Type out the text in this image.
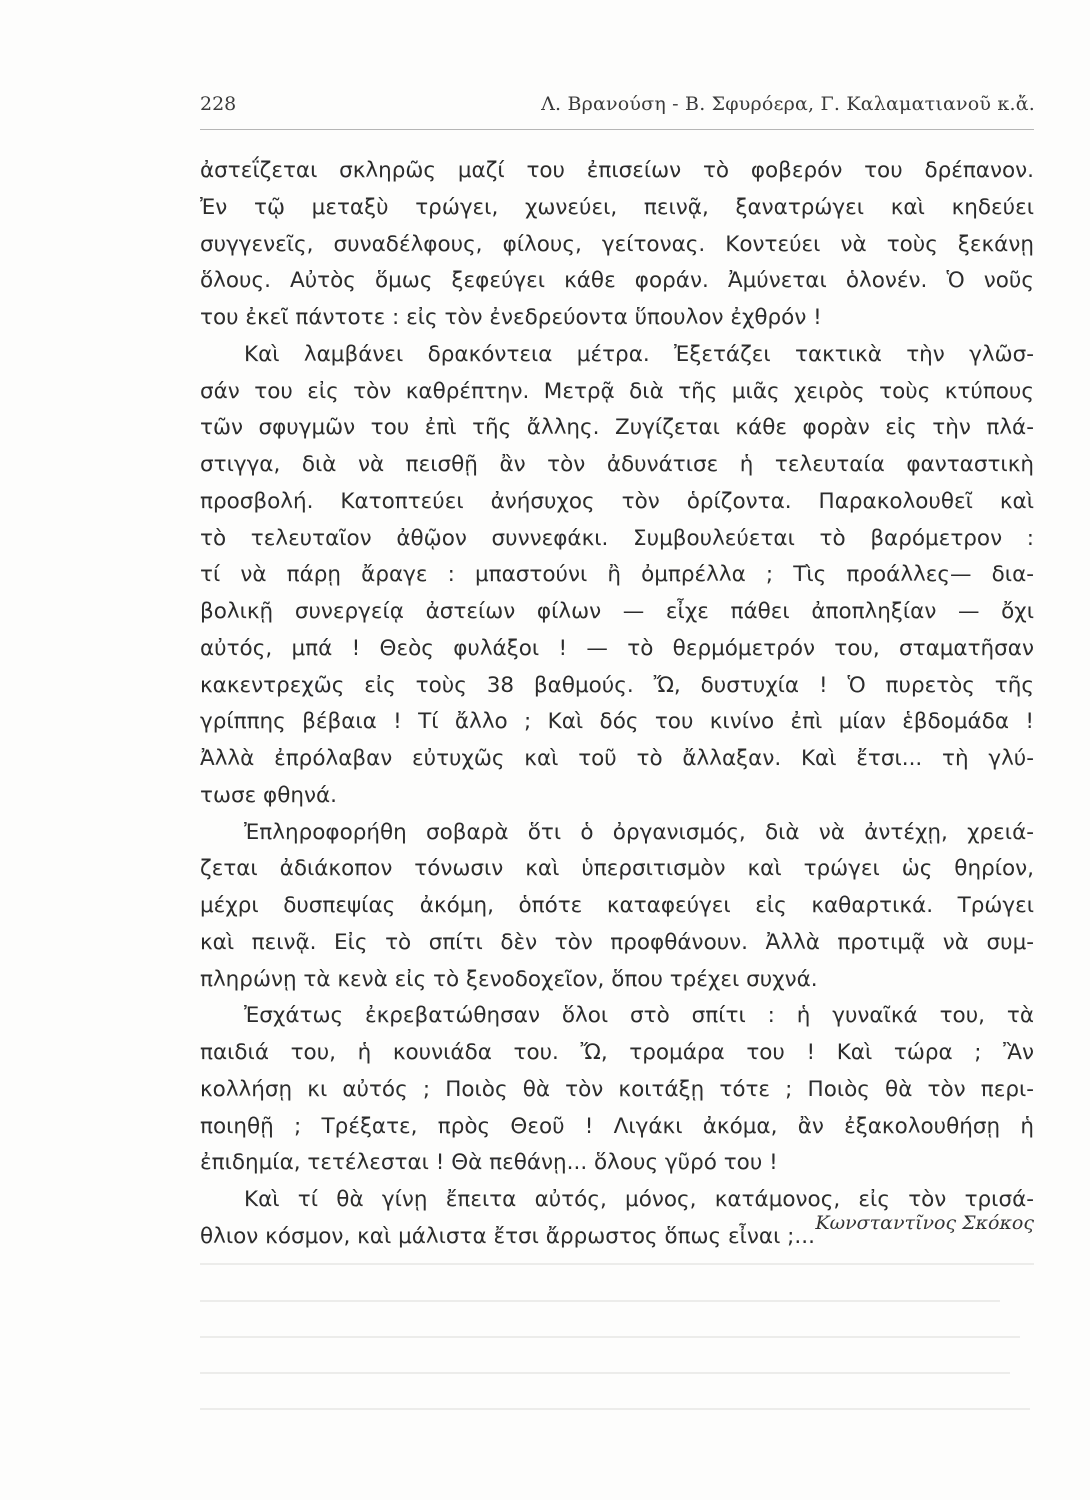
228	Λ. Βρανούση - Β. Σφυρόερα, Γ. Καλαματιανοῦ κ.ἄ.
ἀστεΐζεται σκληρῶς μαζί του ἐπισείων τὸ φοβερόν του δρέπανον.
Ἐν τῷ μεταξὺ τρώγει, χωνεύει, πεινᾷ, ξανατρώγει καὶ κηδεύει
συγγενεῖς, συναδέλφους, φίλους, γείτονας. Κοντεύει νὰ τοὺς ξεκάνῃ
ὅλους. Αὐτὸς ὅμως ξεφεύγει κάθε φοράν. Ἀμύνεται ὁλονέν. Ὁ νοῦς
του ἐκεῖ πάντοτε : εἰς τὸν ἐνεδρεύοντα ὕπουλον ἐχθρόν !
Καὶ λαμβάνει δρακόντεια μέτρα. Ἐξετάζει τακτικὰ τὴν γλῶσ-
σάν του εἰς τὸν καθρέπτην. Μετρᾷ διὰ τῆς μιᾶς χειρὸς τοὺς κτύπους
τῶν σφυγμῶν του ἐπὶ τῆς ἄλλης. Ζυγίζεται κάθε φορὰν εἰς τὴν πλά-
στιγγα, διὰ νὰ πεισθῇ ἂν τὸν ἀδυνάτισε ἡ τελευταία φανταστικὴ
προσβολή. Κατοπτεύει ἀνήσυχος τὸν ὁρίζοντα. Παρακολουθεῖ καὶ
τὸ τελευταῖον ἀθῷον συννεφάκι. Συμβουλεύεται τὸ βαρόμετρον :
τί νὰ πάρῃ ἄραγε : μπαστούνι ἢ ὀμπρέλλα ; Τὶς προάλλες— δια-
βολικῇ συνεργείᾳ ἀστείων φίλων — εἶχε πάθει ἀποπληξίαν — ὄχι
αὐτός, μπά ! Θεὸς φυλάξοι ! — τὸ θερμόμετρόν του, σταματῆσαν
κακεντρεχῶς εἰς τοὺς 38 βαθμούς. Ὤ, δυστυχία ! Ὁ πυρετὸς τῆς
γρίππης βέβαια ! Τί ἄλλο ; Καὶ δός του κινίνο ἐπὶ μίαν ἑβδομάδα !
Ἀλλὰ ἐπρόλαβαν εὐτυχῶς καὶ τοῦ τὸ ἄλλαξαν. Καὶ ἔτσι... τὴ γλύ-
τωσε φθηνά.
Ἐπληροφορήθη σοβαρὰ ὅτι ὁ ὀργανισμός, διὰ νὰ ἀντέχῃ, χρειά-
ζεται ἀδιάκοπον τόνωσιν καὶ ὑπερσιτισμὸν καὶ τρώγει ὡς θηρίον,
μέχρι δυσπεψίας ἀκόμη, ὁπότε καταφεύγει εἰς καθαρτικά. Τρώγει
καὶ πεινᾷ. Εἰς τὸ σπίτι δὲν τὸν προφθάνουν. Ἀλλὰ προτιμᾷ νὰ συμ-
πληρώνῃ τὰ κενὰ εἰς τὸ ξενοδοχεῖον, ὅπου τρέχει συχνά.
Ἐσχάτως ἐκρεβατώθησαν ὅλοι στὸ σπίτι : ἡ γυναῖκά του, τὰ
παιδιά του, ἡ κουνιάδα του. Ὤ, τρομάρα του ! Καὶ τώρα ; Ἂν
κολλήσῃ κι αὐτός ; Ποιὸς θὰ τὸν κοιτάξῃ τότε ; Ποιὸς θὰ τὸν περι-
ποιηθῇ ; Τρέξατε, πρὸς Θεοῦ ! Λιγάκι ἀκόμα, ἂν ἐξακολουθήσῃ ἡ
ἐπιδημία, τετέλεσται ! Θὰ πεθάνῃ... ὅλους γῦρό του !
Καὶ τί θὰ γίνῃ ἔπειτα αὐτός, μόνος, κατάμονος, εἰς τὸν τρισά-
θλιον κόσμον, καὶ μάλιστα ἔτσι ἄρρωστος ὅπως εἶναι ;...
Κωνσταντῖνος Σκόκος
